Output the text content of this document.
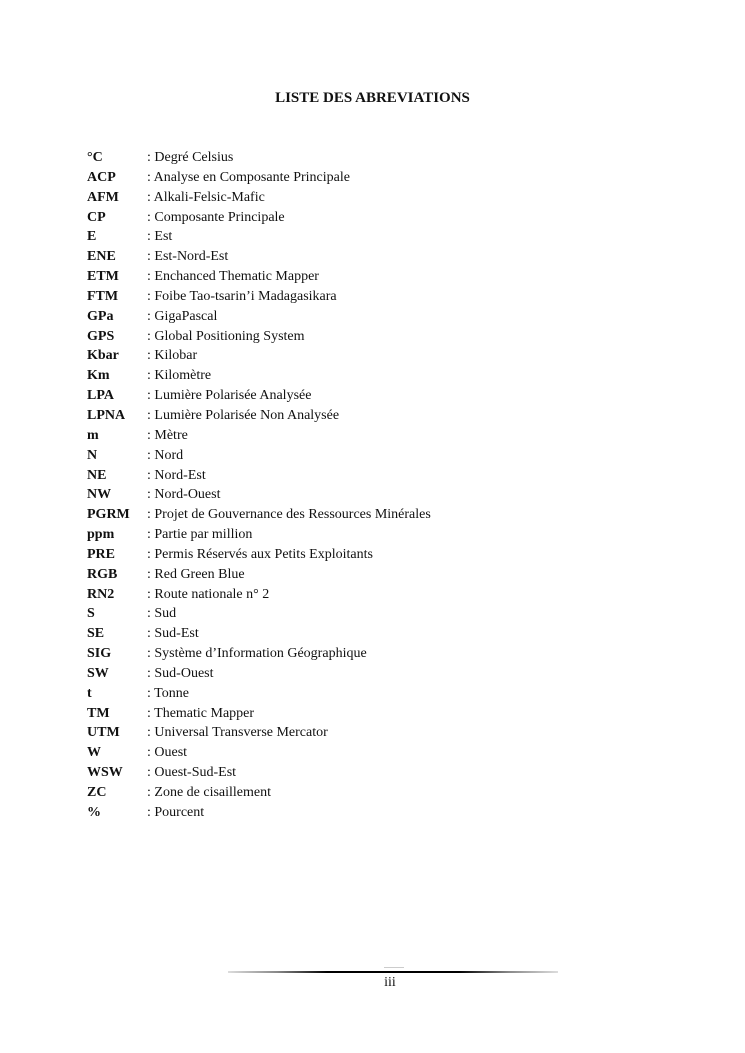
LISTE DES ABREVIATIONS
°C	: Degré Celsius
ACP : Analyse en Composante Principale
AFM : Alkali-Felsic-Mafic
CP	: Composante Principale
E	: Est
ENE : Est-Nord-Est
ETM : Enchanced Thematic Mapper
FTM : Foibe Tao-tsarin’i Madagasikara
GPa : GigaPascal
GPS : Global Positioning System
Kbar : Kilobar
Km	: Kilomètre
LPA : Lumière Polarisée Analysée
LPNA : Lumière Polarisée Non Analysée
m	: Mètre
N	: Nord
NE	: Nord-Est
NW	: Nord-Ouest
PGRM : Projet de Gouvernance des Ressources Minérales
ppm : Partie par million
PRE : Permis Réservés aux Petits Exploitants
RGB : Red Green Blue
RN2 : Route nationale n° 2
S	: Sud
SE	: Sud-Est
SIG	: Système d’Information Géographique
SW	: Sud-Ouest
t	: Tonne
TM	: Thematic Mapper
UTM : Universal Transverse Mercator
W	: Ouest
WSW : Ouest-Sud-Est
ZC	: Zone de cisaillement
%	: Pourcent
iii
